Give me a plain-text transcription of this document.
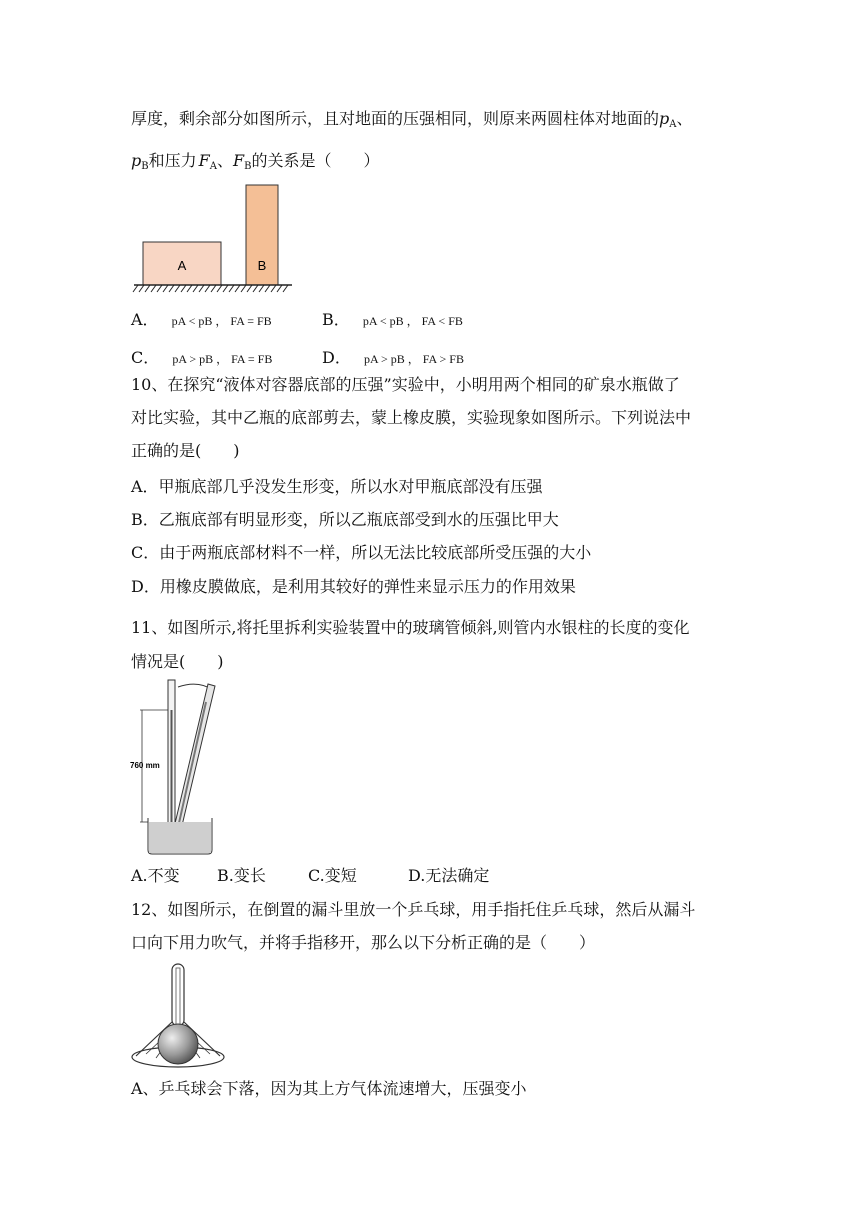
厚度，剩余部分如图所示，且对地面的压强相同，则原来两圆柱体对地面的$p_A$、
$p_B$和压力 $F_A$、$F_B$的关系是（　　）
A	B
A． pA < pB ， FA = FB	B． pA < pB ， FA < FB
C． pA > pB ， FA = FB	D． pA > pB ， FA > FB
10、在探究“液体对容器底部的压强”实验中，小明用两个相同的矿泉水瓶做了
对比实验，其中乙瓶的底部剪去，蒙上橡皮膜，实验现象如图所示。下列说法中
正确的是(　　)
A．甲瓶底部几乎没发生形变，所以水对甲瓶底部没有压强
B．乙瓶底部有明显形变，所以乙瓶底部受到水的压强比甲大
C．由于两瓶底部材料不一样，所以无法比较底部所受压强的大小
D．用橡皮膜做底，是利用其较好的弹性来显示压力的作用效果
11、如图所示,将托里拆利实验装置中的玻璃管倾斜,则管内水银柱的长度的变化
情况是(　　)
760 mm
A.不变 B.变长	C.变短	D.无法确定
12、如图所示，在倒置的漏斗里放一个乒乓球，用手指托住乒乓球，然后从漏斗
口向下用力吹气，并将手指移开，那么以下分析正确的是（　　）
A、乒乓球会下落，因为其上方气体流速增大，压强变小
